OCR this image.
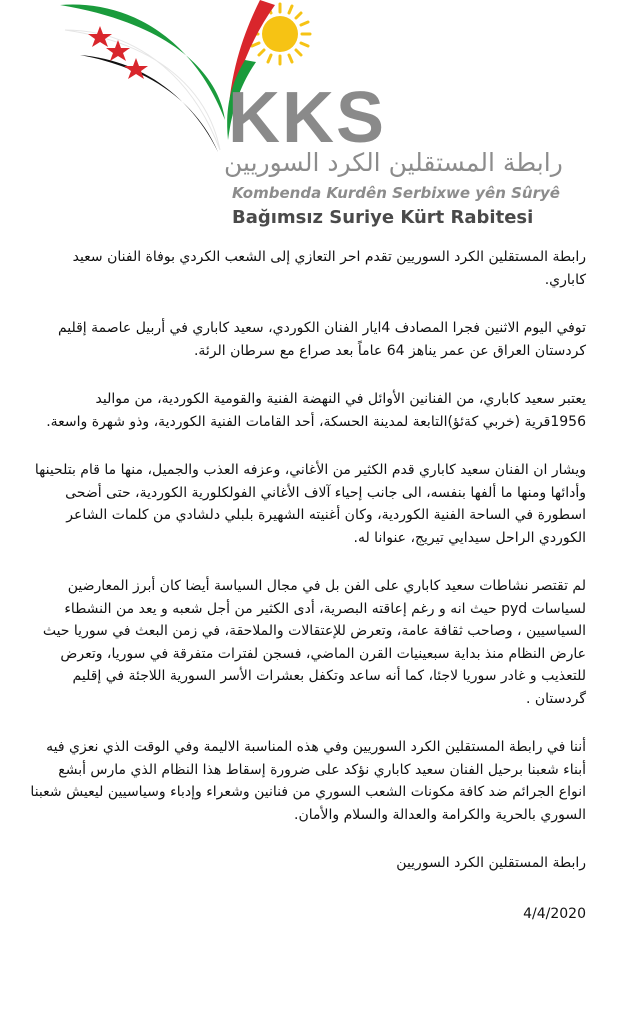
KKS
رابطة المستقلين الكرد السوريين
Kombenda Kurdên Serbixwe yên Sûryê
Bağımsız Suriye Kürt Rabitesi

رابطة المستقلين الكرد السوريين تقدم احر التعازي إلى الشعب الكردي بوفاة الفنان سعيد كاباري.

توفي اليوم الاثنين فجرا المصادف 4ايار الفنان الكوردي، سعيد كاباري في أربيل عاصمة إقليم كردستان العراق عن عمر يناهز 64 عاماً بعد صراع مع سرطان الرئة.

يعتبر سعيد كاباري، من الفنانين الأوائل في النهضة الفنية والقومية الكوردية، من مواليد 1956قرية (خربي كةئؤ)التابعة لمدينة الحسكة، أحد القامات الفنية الكوردية، وذو شهرة واسعة.

ويشار ان الفنان سعيد كاباري قدم الكثير من الأغاني، وعزفه العذب والجميل، منها ما قام بتلحينها وأدائها ومنها ما ألفها بنفسه، الى جانب إحياء آلاف الأغاني الفولكلورية الكوردية، حتى أضحى اسطورة في الساحة الفنية الكوردية، وكان أغنيته الشهيرة بلبلي دلشادي من كلمات الشاعر الكوردي الراحل سيدايي تيريج، عنوانا له.

لم تقتصر نشاطات سعيد كاباري على الفن بل في مجال السياسة أيضا كان أبرز المعارضين لسياسات pyd حيث انه و رغم إعاقته البصرية، أدى الكثير من أجل شعبه و يعد من النشطاء السياسيين ، وصاحب ثقافة عامة، وتعرض للإعتقالات والملاحقة، في زمن البعث في سوريا حيث عارض النظام منذ بداية سبعينيات القرن الماضي، فسجن لفترات متفرقة في سوريا، وتعرض للتعذيب و غادر سوريا لاجئا، كما أنه ساعد وتكفل بعشرات الأسر السورية اللاجئة في إقليم گردستان .

أننا في رابطة المستقلين الكرد السوريين وفي هذه المناسبة الاليمة وفي الوقت الذي نعزي فيه أبناء شعبنا برحيل الفنان سعيد كاباري نؤكد على ضرورة إسقاط هذا النظام الذي مارس أبشع انواع الجرائم ضد كافة مكونات الشعب السوري من فنانين وشعراء وإدباء وسياسيين ليعيش شعبنا السوري بالحرية والكرامة والعدالة والسلام والأمان.

رابطة المستقلين الكرد السوريين

4/4/2020
